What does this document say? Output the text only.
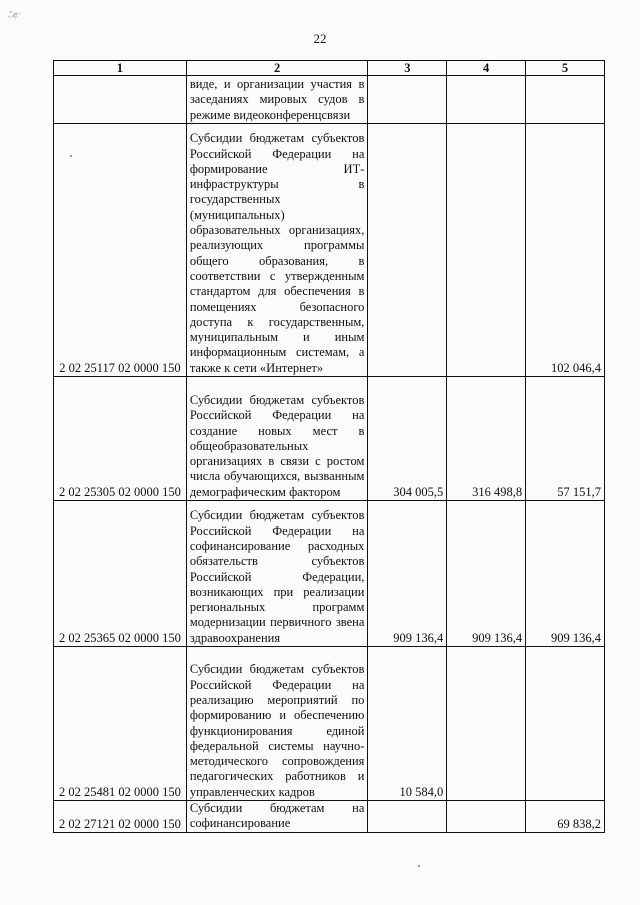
ஃர~
22
1	2	3	4	5
	виде, и организации участия в заседаниях мировых судов в режиме видеоконференцсвязи			
2 02 25117 02 0000 150	Субсидии бюджетам субъектов Российской Федерации на формирование ИТ-инфраструктуры в государственных (муниципальных) образовательных организациях, реализующих программы общего образования, в соответствии с утвержденным стандартом для обеспечения в помещениях безопасного доступа к государственным, муниципальным и иным информационным системам, а также к сети «Интернет»			102 046,4
2 02 25305 02 0000 150	Субсидии бюджетам субъектов Российской Федерации на создание новых мест в общеобразовательных организациях в связи с ростом числа обучающихся, вызванным демографическим фактором	304 005,5	316 498,8	57 151,7
2 02 25365 02 0000 150	Субсидии бюджетам субъектов Российской Федерации на софинансирование расходных обязательств субъектов Российской Федерации, возникающих при реализации региональных программ модернизации первичного звена здравоохранения	909 136,4	909 136,4	909 136,4
2 02 25481 02 0000 150	Субсидии бюджетам субъектов Российской Федерации на реализацию мероприятий по формированию и обеспечению функционирования единой федеральной системы научно-методического сопровождения педагогических работников и управленческих кадров	10 584,0		
2 02 27121 02 0000 150	Субсидии бюджетам на софинансирование			69 838,2
